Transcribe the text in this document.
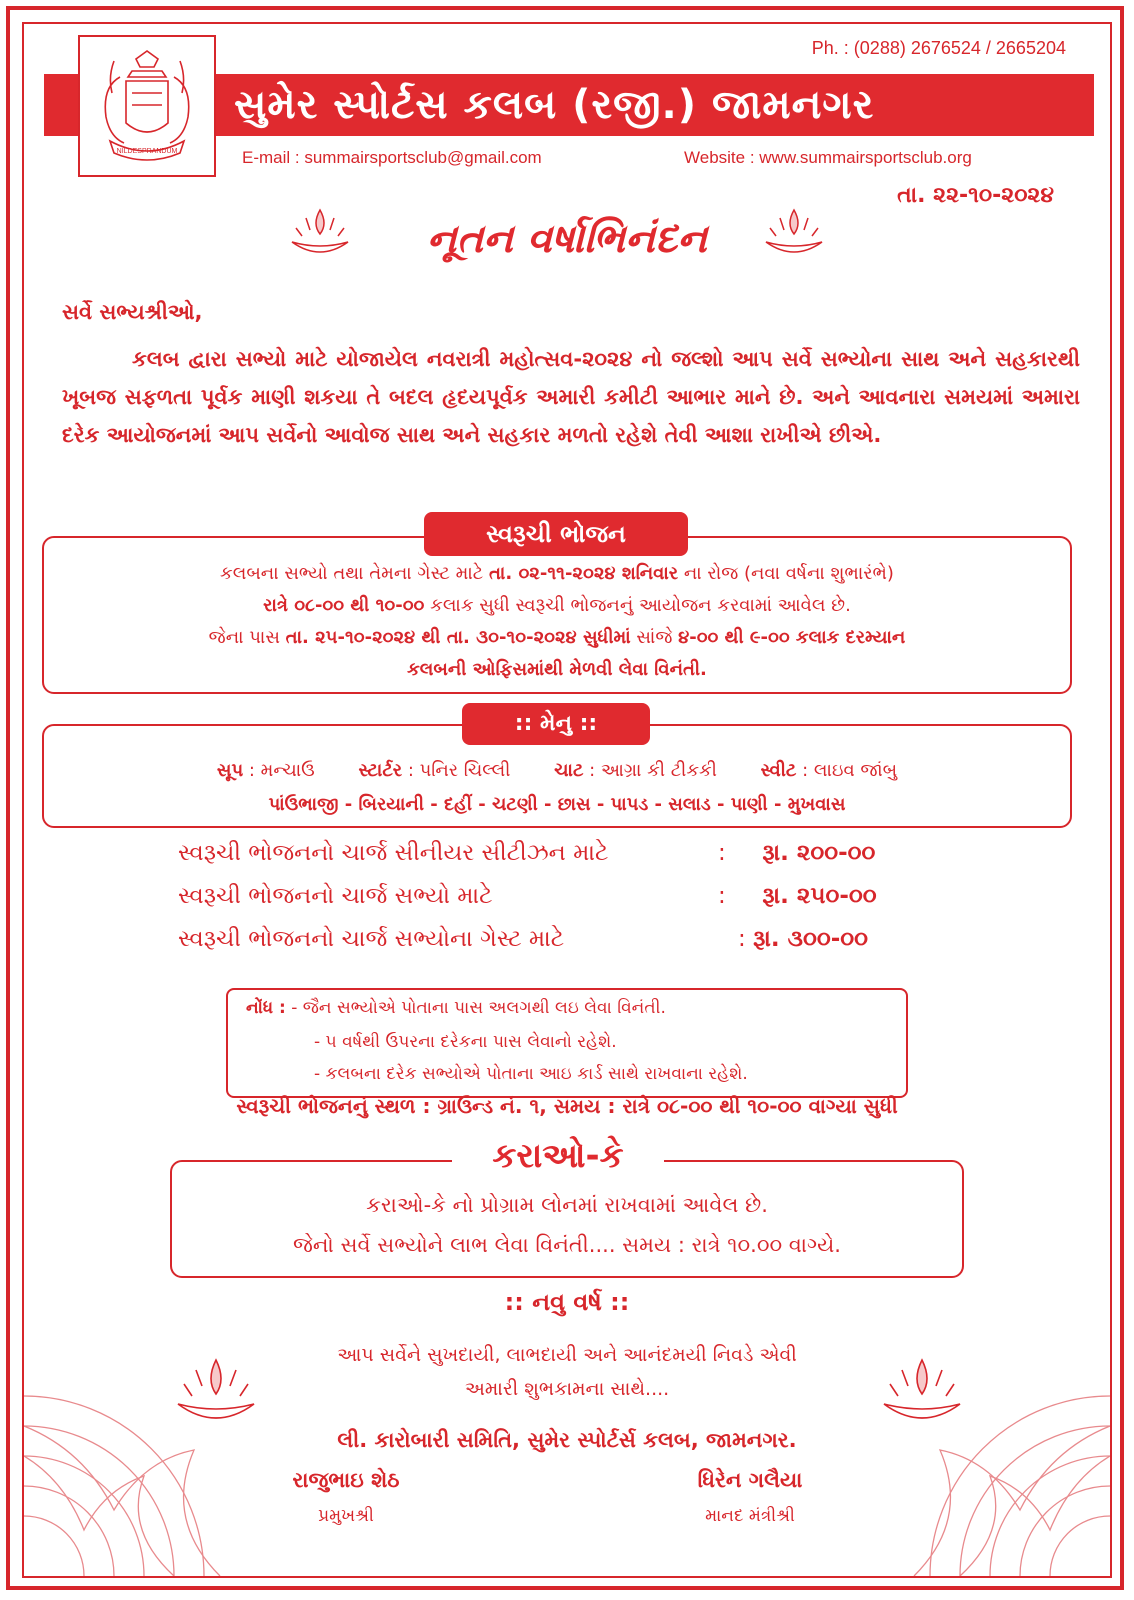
NILDESPRANDUM
Ph. : (0288) 2676524 / 2665204
સુમેર સ્પોર્ટસ કલબ (રજી.) જામનગર
E-mail : summairsportsclub@gmail.com	Website : www.summairsportsclub.org
તા. ૨૨-૧૦-૨૦૨૪
નૂતન વર્ષાભિનંદન
સર્વે સભ્યશ્રીઓ,
કલબ દ્વારા સભ્યો માટે યોજાયેલ નવરાત્રી મહોત્સવ-૨૦૨૪ નો જલ્શો આપ સર્વે સભ્યોના સાથ અને સહકારથી ખૂબજ સફળતા પૂર્વક માણી શકયા તે બદલ હૃદયપૂર્વક અમારી કમીટી આભાર માને છે. અને આવનારા સમયમાં અમારા દરેક આયોજનમાં આપ સર્વેનો આવોજ સાથ અને સહકાર મળતો રહેશે તેવી આશા રાખીએ છીએ.
કલબના સભ્યો તથા તેમના ગેસ્ટ માટે તા. ૦૨-૧૧-૨૦૨૪ શનિવાર ના રોજ (નવા વર્ષના શુભારંભે)
રાત્રે ૦૮-૦૦ થી ૧૦-૦૦ કલાક સુધી સ્વરૂચી ભોજનનું આયોજન કરવામાં આવેલ છે.
જેના પાસ તા. ૨૫-૧૦-૨૦૨૪ થી તા. ૩૦-૧૦-૨૦૨૪ સુધીમાં સાંજે ૪-૦૦ થી ૯-૦૦ કલાક દરમ્યાન
કલબની ઓફિસમાંથી મેળવી લેવા વિનંતી.
સ્વરૂચી ભોજન
સૂપ : મન્ચાઉ સ્ટાર્ટર : પનિર ચિલ્લી ચાટ : આગ્રા કી ટીકકી સ્વીટ : લાઇવ જાંબુ
પાંઉભાજી - બિરયાની - દહીં - ચટણી - છાસ - પાપડ - સલાડ - પાણી - મુખવાસ
:: મેનુ ::
સ્વરૂચી ભોજનનો ચાર્જ સીનીયર સીટીઝન માટે	: રૂા. ૨૦૦-૦૦
સ્વરૂચી ભોજનનો ચાર્જ સભ્યો માટે	: રૂા. ૨૫૦-૦૦
સ્વરૂચી ભોજનનો ચાર્જ સભ્યોના ગેસ્ટ માટે	: રૂા. ૩૦૦-૦૦
નોંધ : - જૈન સભ્યોએ પોતાના પાસ અલગથી લઇ લેવા વિનંતી.
- ૫ વર્ષથી ઉપરના દરેકના પાસ લેવાનો રહેશે.
- કલબના દરેક સભ્યોએ પોતાના આઇ કાર્ડ સાથે રાખવાના રહેશે.
સ્વરૂચી ભોજનનું સ્થળ : ગ્રાઉન્ડ નં. ૧, સમય : રાત્રે ૦૮-૦૦ થી ૧૦-૦૦ વાગ્યા સુધી
કરાઓ-કે નો પ્રોગ્રામ લોનમાં રાખવામાં આવેલ છે.
જેનો સર્વે સભ્યોને લાભ લેવા વિનંતી.... સમય : રાત્રે ૧૦.૦૦ વાગ્યે.
કરાઓ-કે
:: નવુ વર્ષ ::
આપ સર્વેને સુખદાયી, લાભદાયી અને આનંદમયી નિવડે એવી
અમારી શુભકામના સાથે....
લી. કારોબારી સમિતિ, સુમેર સ્પોર્ટર્સ કલબ, જામનગર.
રાજુભાઇ શેઠ
પ્રમુખશ્રી
ધિરેન ગલૈયા
માનદ મંત્રીશ્રી
